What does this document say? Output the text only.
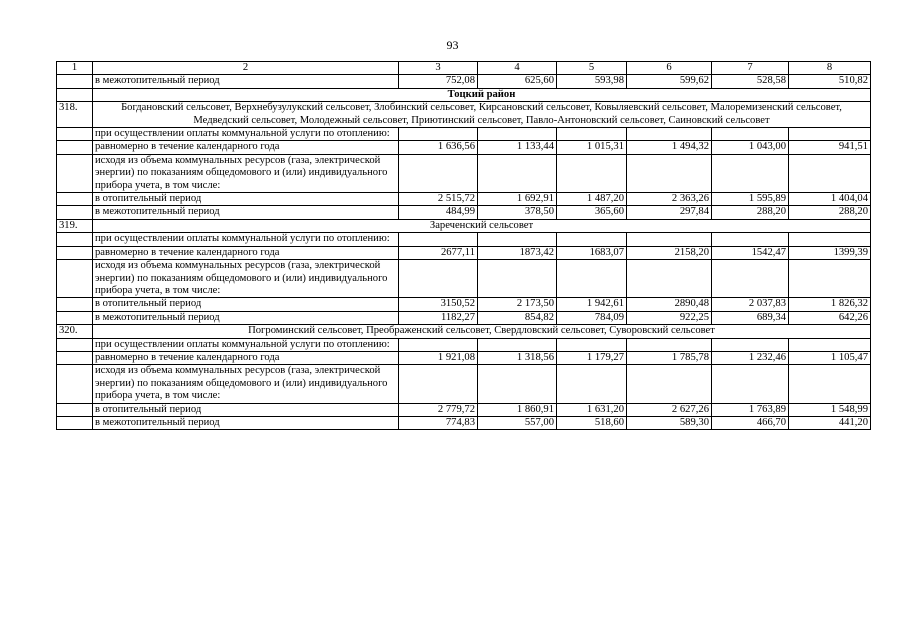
93
1	2	3	4	5	6	7	8
	в межотопительный период	752,08	625,60	593,98	599,62	528,58	510,82
	Тоцкий район						
318.	Богдановский сельсовет, Верхнебузулукский сельсовет, Злобинский сельсовет, Кирсановский сельсовет, Ковыляевский сельсовет, Малоремизенский сельсовет, Медведский сельсовет, Молодежный сельсовет, Приютинский сельсовет, Павло-Антоновский сельсовет, Саиновский сельсовет						
	при осуществлении оплаты коммунальной услуги по отоплению:						
	равномерно в течение календарного года	1 636,56	1 133,44	1 015,31	1 494,32	1 043,00	941,51
	исходя из объема коммунальных ресурсов (газа, электрической энергии) по показаниям общедомового и (или) индивидуального прибора учета, в том числе:						
	в отопительный период	2 515,72	1 692,91	1 487,20	2 363,26	1 595,89	1 404,04
	в межотопительный период	484,99	378,50	365,60	297,84	288,20	288,20
319.	Зареченский сельсовет						
	при осуществлении оплаты коммунальной услуги по отоплению:						
	равномерно в течение календарного года	2677,11	1873,42	1683,07	2158,20	1542,47	1399,39
	исходя из объема коммунальных ресурсов (газа, электрической энергии) по показаниям общедомового и (или) индивидуального прибора учета, в том числе:						
	в отопительный период	3150,52	2 173,50	1 942,61	2890,48	2 037,83	1 826,32
	в межотопительный период	1182,27	854,82	784,09	922,25	689,34	642,26
320.	Погроминский сельсовет, Преображенский сельсовет, Свердловский сельсовет, Суворовский сельсовет						
	при осуществлении оплаты коммунальной услуги по отоплению:						
	равномерно в течение календарного года	1 921,08	1 318,56	1 179,27	1 785,78	1 232,46	1 105,47
	исходя из объема коммунальных ресурсов (газа, электрической энергии) по показаниям общедомового и (или) индивидуального прибора учета, в том числе:						
	в отопительный период	2 779,72	1 860,91	1 631,20	2 627,26	1 763,89	1 548,99
	в межотопительный период	774,83	557,00	518,60	589,30	466,70	441,20
